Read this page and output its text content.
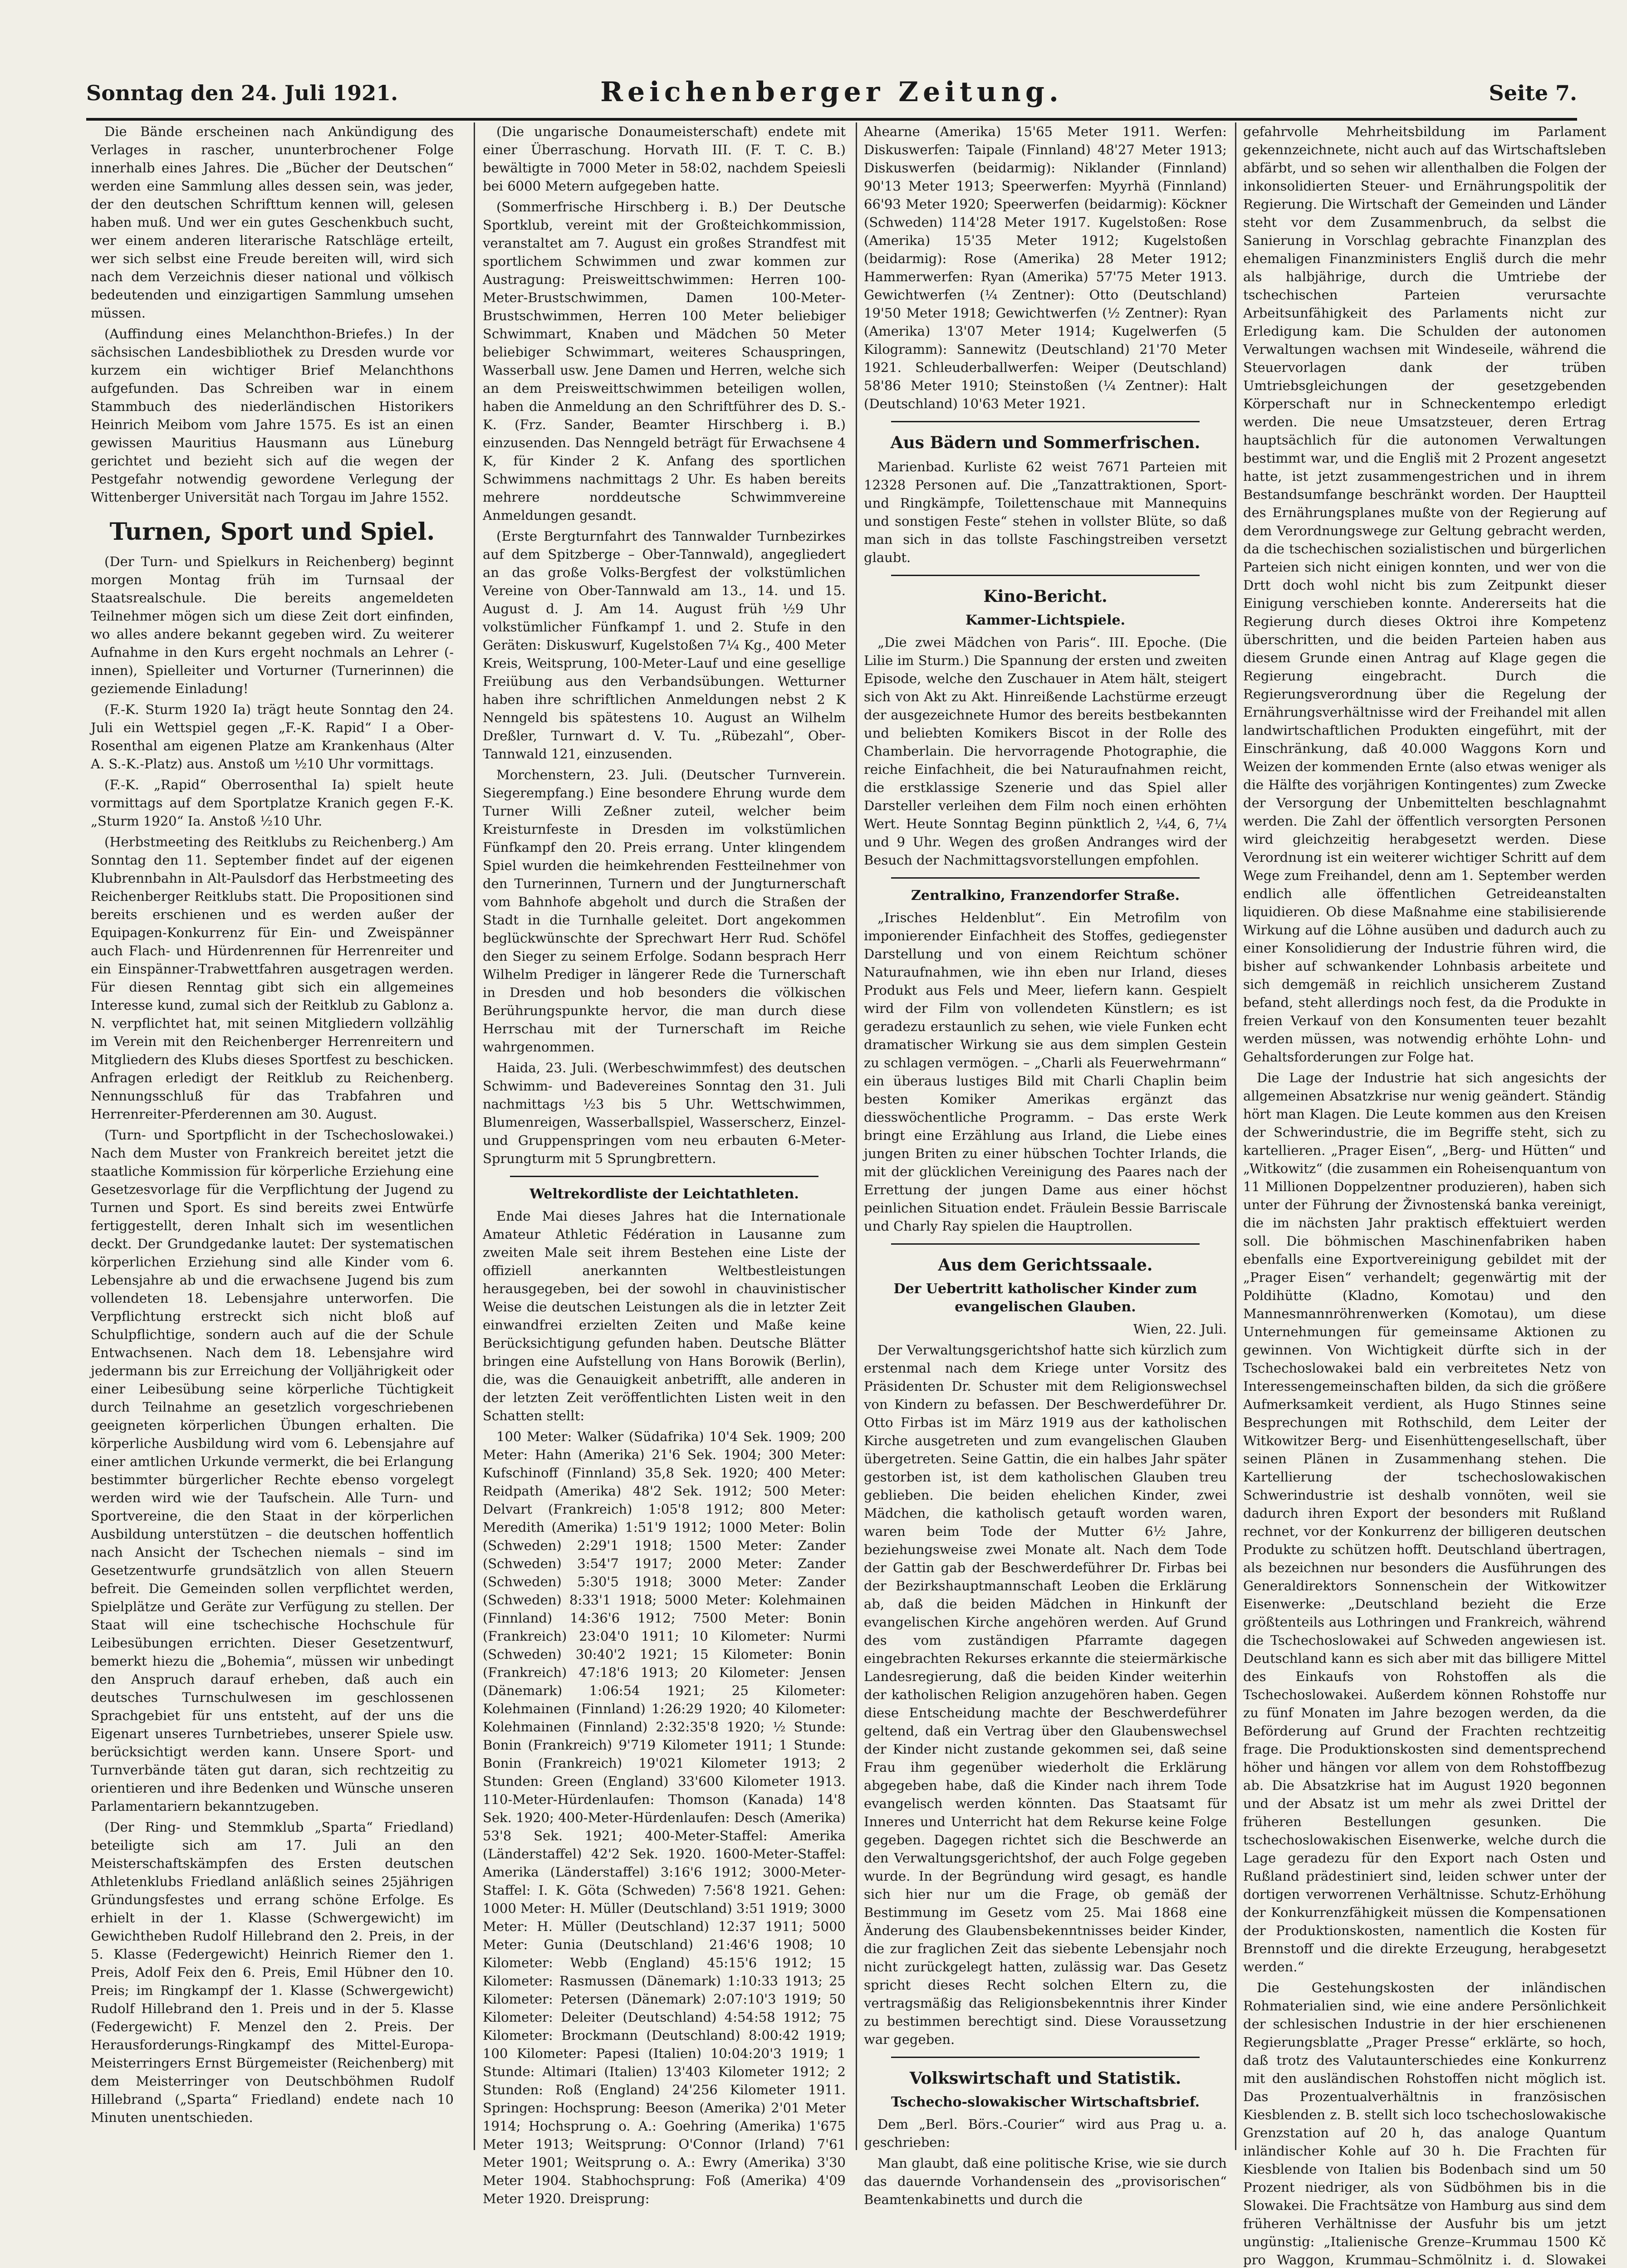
Sonntag den 24. Juli 1921.	Reichenberger Zeitung.	Seite 7.

Die Bände erscheinen nach Ankündigung des Verlages in rascher, ununterbrochener Folge innerhalb eines Jahres. Die „Bücher der Deutschen“ werden eine Sammlung alles dessen sein, was jeder, der den deutschen Schrifttum kennen will, gelesen haben muß. Und wer ein gutes Geschenkbuch sucht, wer einem anderen literarische Ratschläge erteilt, wer sich selbst eine Freude bereiten will, wird sich nach dem Verzeichnis dieser national und völkisch bedeutenden und einzigartigen Sammlung umsehen müssen.

(Auffindung eines Melanchthon-Briefes.) In der sächsischen Landesbibliothek zu Dresden wurde vor kurzem ein wichtiger Brief Melanchthons aufgefunden. Das Schreiben war in einem Stammbuch des niederländischen Historikers Heinrich Meibom vom Jahre 1575. Es ist an einen gewissen Mauritius Hausmann aus Lüneburg gerichtet und bezieht sich auf die wegen der Pestgefahr notwendig gewordene Verlegung der Wittenberger Universität nach Torgau im Jahre 1552.

Turnen, Sport und Spiel.

(Der Turn- und Spielkurs in Reichenberg) beginnt morgen Montag früh im Turnsaal der Staatsrealschule. Die bereits angemeldeten Teilnehmer mögen sich um diese Zeit dort einfinden, wo alles andere bekannt gegeben wird. Zu weiterer Aufnahme in den Kurs ergeht nochmals an Lehrer (-innen), Spielleiter und Vorturner (Turnerinnen) die geziemende Einladung!

(F.-K. Sturm 1920 Ia) trägt heute Sonntag den 24. Juli ein Wettspiel gegen „F.-K. Rapid“ I a Ober-Rosenthal am eigenen Platze am Krankenhaus (Alter A. S.-K.-Platz) aus. Anstoß um ½10 Uhr vormittags.

(F.-K. „Rapid“ Oberrosenthal Ia) spielt heute vormittags auf dem Sportplatze Kranich gegen F.-K. „Sturm 1920“ Ia. Anstoß ½10 Uhr.

(Herbstmeeting des Reitklubs zu Reichenberg.) Am Sonntag den 11. September findet auf der eigenen Klubrennbahn in Alt-Paulsdorf das Herbstmeeting des Reichenberger Reitklubs statt. Die Propositionen sind bereits erschienen und es werden außer der Equipagen-Konkurrenz für Ein- und Zweispänner auch Flach- und Hürdenrennen für Herrenreiter und ein Einspänner-Trabwettfahren ausgetragen werden. Für diesen Renntag gibt sich ein allgemeines Interesse kund, zumal sich der Reitklub zu Gablonz a. N. verpflichtet hat, mit seinen Mitgliedern vollzählig im Verein mit den Reichenberger Herrenreitern und Mitgliedern des Klubs dieses Sportfest zu beschicken. Anfragen erledigt der Reitklub zu Reichenberg. Nennungsschluß für das Trabfahren und Herrenreiter-Pferderennen am 30. August.

(Turn- und Sportpflicht in der Tschechoslowakei.) Nach dem Muster von Frankreich bereitet jetzt die staatliche Kommission für körperliche Erziehung eine Gesetzesvorlage für die Verpflichtung der Jugend zu Turnen und Sport. Es sind bereits zwei Entwürfe fertiggestellt, deren Inhalt sich im wesentlichen deckt. Der Grundgedanke lautet: Der systematischen körperlichen Erziehung sind alle Kinder vom 6. Lebensjahre ab und die erwachsene Jugend bis zum vollendeten 18. Lebensjahre unterworfen. Die Verpflichtung erstreckt sich nicht bloß auf Schulpflichtige, sondern auch auf die der Schule Entwachsenen. Nach dem 18. Lebensjahre wird jedermann bis zur Erreichung der Volljährigkeit oder einer Leibesübung seine körperliche Tüchtigkeit durch Teilnahme an gesetzlich vorgeschriebenen geeigneten körperlichen Übungen erhalten. Die körperliche Ausbildung wird vom 6. Lebensjahre auf einer amtlichen Urkunde vermerkt, die bei Erlangung bestimmter bürgerlicher Rechte ebenso vorgelegt werden wird wie der Taufschein. Alle Turn- und Sportvereine, die den Staat in der körperlichen Ausbildung unterstützen – die deutschen hoffentlich nach Ansicht der Tschechen niemals – sind im Gesetzentwurfe grundsätzlich von allen Steuern befreit. Die Gemeinden sollen verpflichtet werden, Spielplätze und Geräte zur Verfügung zu stellen. Der Staat will eine tschechische Hochschule für Leibesübungen errichten. Dieser Gesetzentwurf, bemerkt hiezu die „Bohemia“, müssen wir unbedingt den Anspruch darauf erheben, daß auch ein deutsches Turnschulwesen im geschlossenen Sprachgebiet für uns entsteht, auf der uns die Eigenart unseres Turnbetriebes, unserer Spiele usw. berücksichtigt werden kann. Unsere Sport- und Turnverbände täten gut daran, sich rechtzeitig zu orientieren und ihre Bedenken und Wünsche unseren Parlamentariern bekanntzugeben.

(Der Ring- und Stemmklub „Sparta“ Friedland) beteiligte sich am 17. Juli an den Meisterschaftskämpfen des Ersten deutschen Athletenklubs Friedland anläßlich seines 25jährigen Gründungsfestes und errang schöne Erfolge. Es erhielt in der 1. Klasse (Schwergewicht) im Gewichtheben Rudolf Hillebrand den 2. Preis, in der 5. Klasse (Federgewicht) Heinrich Riemer den 1. Preis, Adolf Feix den 6. Preis, Emil Hübner den 10. Preis; im Ringkampf der 1. Klasse (Schwergewicht) Rudolf Hillebrand den 1. Preis und in der 5. Klasse (Federgewicht) F. Menzel den 2. Preis. Der Herausforderungs-Ringkampf des Mittel-Europa-Meisterringers Ernst Bürgemeister (Reichenberg) mit dem Meisterringer von Deutschböhmen Rudolf Hillebrand („Sparta“ Friedland) endete nach 10 Minuten unentschieden.

(Die ungarische Donaumeisterschaft) endete mit einer Überraschung. Horvath III. (F. T. C. B.) bewältigte in 7000 Meter in 58:02, nachdem Speiesli bei 6000 Metern aufgegeben hatte.

(Sommerfrische Hirschberg i. B.) Der Deutsche Sportklub, vereint mit der Großteichkommission, veranstaltet am 7. August ein großes Strandfest mit sportlichem Schwimmen und zwar kommen zur Austragung: Preisweittschwimmen: Herren 100-Meter-Brustschwimmen, Damen 100-Meter-Brustschwimmen, Herren 100 Meter beliebiger Schwimmart, Knaben und Mädchen 50 Meter beliebiger Schwimmart, weiteres Schauspringen, Wasserball usw. Jene Damen und Herren, welche sich an dem Preisweittschwimmen beteiligen wollen, haben die Anmeldung an den Schriftführer des D. S.-K. (Frz. Sander, Beamter Hirschberg i. B.) einzusenden. Das Nenngeld beträgt für Erwachsene 4 K, für Kinder 2 K. Anfang des sportlichen Schwimmens nachmittags 2 Uhr. Es haben bereits mehrere norddeutsche Schwimmvereine Anmeldungen gesandt.

(Erste Bergturnfahrt des Tannwalder Turnbezirkes auf dem Spitzberge – Ober-Tannwald), angegliedert an das große Volks-Bergfest der volkstümlichen Vereine von Ober-Tannwald am 13., 14. und 15. August d. J. Am 14. August früh ½9 Uhr volkstümlicher Fünfkampf 1. und 2. Stufe in den Geräten: Diskuswurf, Kugelstoßen 7¼ Kg., 400 Meter Kreis, Weitsprung, 100-Meter-Lauf und eine gesellige Freiübung aus den Verbandsübungen. Wetturner haben ihre schriftlichen Anmeldungen nebst 2 K Nenngeld bis spätestens 10. August an Wilhelm Dreßler, Turnwart d. V. Tu. „Rübezahl“, Ober-Tannwald 121, einzusenden.

Morchenstern, 23. Juli. (Deutscher Turnverein. Siegerempfang.) Eine besondere Ehrung wurde dem Turner Willi Zeßner zuteil, welcher beim Kreisturnfeste in Dresden im volkstümlichen Fünfkampf den 20. Preis errang. Unter klingendem Spiel wurden die heimkehrenden Festteilnehmer von den Turnerinnen, Turnern und der Jungturnerschaft vom Bahnhofe abgeholt und durch die Straßen der Stadt in die Turnhalle geleitet. Dort angekommen beglückwünschte der Sprechwart Herr Rud. Schöfel den Sieger zu seinem Erfolge. Sodann besprach Herr Wilhelm Prediger in längerer Rede die Turnerschaft in Dresden und hob besonders die völkischen Berührungspunkte hervor, die man durch diese Herrschau mit der Turnerschaft im Reiche wahrgenommen.

Haida, 23. Juli. (Werbeschwimmfest) des deutschen Schwimm- und Badevereines Sonntag den 31. Juli nachmittags ½3 bis 5 Uhr. Wettschwimmen, Blumenreigen, Wasserballspiel, Wasserscherz, Einzel- und Gruppenspringen vom neu erbauten 6-Meter-Sprungturm mit 5 Sprungbrettern.

Weltrekordliste der Leichtathleten.

Ende Mai dieses Jahres hat die Internationale Amateur Athletic Fédération in Lausanne zum zweiten Male seit ihrem Bestehen eine Liste der offiziell anerkannten Weltbestleistungen herausgegeben, bei der sowohl in chauvinistischer Weise die deutschen Leistungen als die in letzter Zeit einwandfrei erzielten Zeiten und Maße keine Berücksichtigung gefunden haben. Deutsche Blätter bringen eine Aufstellung von Hans Borowik (Berlin), die, was die Genauigkeit anbetrifft, alle anderen in der letzten Zeit veröffentlichten Listen weit in den Schatten stellt:

100 Meter: Walker (Südafrika) 10'4 Sek. 1909; 200 Meter: Hahn (Amerika) 21'6 Sek. 1904; 300 Meter: Kufschinoff (Finnland) 35,8 Sek. 1920; 400 Meter: Reidpath (Amerika) 48'2 Sek. 1912; 500 Meter: Delvart (Frankreich) 1:05'8 1912; 800 Meter: Meredith (Amerika) 1:51'9 1912; 1000 Meter: Bolin (Schweden) 2:29'1 1918; 1500 Meter: Zander (Schweden) 3:54'7 1917; 2000 Meter: Zander (Schweden) 5:30'5 1918; 3000 Meter: Zander (Schweden) 8:33'1 1918; 5000 Meter: Kolehmainen (Finnland) 14:36'6 1912; 7500 Meter: Bonin (Frankreich) 23:04'0 1911; 10 Kilometer: Nurmi (Schweden) 30:40'2 1921; 15 Kilometer: Bonin (Frankreich) 47:18'6 1913; 20 Kilometer: Jensen (Dänemark) 1:06:54 1921; 25 Kilometer: Kolehmainen (Finnland) 1:26:29 1920; 40 Kilometer: Kolehmainen (Finnland) 2:32:35'8 1920; ½ Stunde: Bonin (Frankreich) 9'719 Kilometer 1911; 1 Stunde: Bonin (Frankreich) 19'021 Kilometer 1913; 2 Stunden: Green (England) 33'600 Kilometer 1913. 110-Meter-Hürdenlaufen: Thomson (Kanada) 14'8 Sek. 1920; 400-Meter-Hürdenlaufen: Desch (Amerika) 53'8 Sek. 1921; 400-Meter-Staffel: Amerika (Länderstaffel) 42'2 Sek. 1920. 1600-Meter-Staffel: Amerika (Länderstaffel) 3:16'6 1912; 3000-Meter-Staffel: I. K. Göta (Schweden) 7:56'8 1921. Gehen: 1000 Meter: H. Müller (Deutschland) 3:51 1919; 3000 Meter: H. Müller (Deutschland) 12:37 1911; 5000 Meter: Gunia (Deutschland) 21:46'6 1908; 10 Kilometer: Webb (England) 45:15'6 1912; 15 Kilometer: Rasmussen (Dänemark) 1:10:33 1913; 25 Kilometer: Petersen (Dänemark) 2:07:10'3 1919; 50 Kilometer: Deleiter (Deutschland) 4:54:58 1912; 75 Kilometer: Brockmann (Deutschland) 8:00:42 1919; 100 Kilometer: Papesi (Italien) 10:04:20'3 1919; 1 Stunde: Altimari (Italien) 13'403 Kilometer 1912; 2 Stunden: Roß (England) 24'256 Kilometer 1911. Springen: Hochsprung: Beeson (Amerika) 2'01 Meter 1914; Hochsprung o. A.: Goehring (Amerika) 1'675 Meter 1913; Weitsprung: O'Connor (Irland) 7'61 Meter 1901; Weitsprung o. A.: Ewry (Amerika) 3'30 Meter 1904. Stabhochsprung: Foß (Amerika) 4'09 Meter 1920. Dreisprung:

Ahearne (Amerika) 15'65 Meter 1911. Werfen: Diskuswerfen: Taipale (Finnland) 48'27 Meter 1913; Diskuswerfen (beidarmig): Niklander (Finnland) 90'13 Meter 1913; Speerwerfen: Myyrhä (Finnland) 66'93 Meter 1920; Speerwerfen (beidarmig): Köckner (Schweden) 114'28 Meter 1917. Kugelstoßen: Rose (Amerika) 15'35 Meter 1912; Kugelstoßen (beidarmig): Rose (Amerika) 28 Meter 1912; Hammerwerfen: Ryan (Amerika) 57'75 Meter 1913. Gewichtwerfen (¼ Zentner): Otto (Deutschland) 19'50 Meter 1918; Gewichtwerfen (½ Zentner): Ryan (Amerika) 13'07 Meter 1914; Kugelwerfen (5 Kilogramm): Sannewitz (Deutschland) 21'70 Meter 1921. Schleuderballwerfen: Weiper (Deutschland) 58'86 Meter 1910; Steinstoßen (¼ Zentner): Halt (Deutschland) 10'63 Meter 1921.

Aus Bädern und Sommerfrischen.

Marienbad. Kurliste 62 weist 7671 Parteien mit 12328 Personen auf. Die „Tanzattraktionen, Sport- und Ringkämpfe, Toilettenschaue mit Mannequins und sonstigen Feste“ stehen in vollster Blüte, so daß man sich in das tollste Faschingstreiben versetzt glaubt.

Kino-Bericht.
Kammer-Lichtspiele.

„Die zwei Mädchen von Paris“. III. Epoche. (Die Lilie im Sturm.) Die Spannung der ersten und zweiten Episode, welche den Zuschauer in Atem hält, steigert sich von Akt zu Akt. Hinreißende Lachstürme erzeugt der ausgezeichnete Humor des bereits bestbekannten und beliebten Komikers Biscot in der Rolle des Chamberlain. Die hervorragende Photographie, die reiche Einfachheit, die bei Naturaufnahmen reicht, die erstklassige Szenerie und das Spiel aller Darsteller verleihen dem Film noch einen erhöhten Wert. Heute Sonntag Beginn pünktlich 2, ¼4, 6, 7¼ und 9 Uhr. Wegen des großen Andranges wird der Besuch der Nachmittagsvorstellungen empfohlen.

Zentralkino, Franzendorfer Straße.

„Irisches Heldenblut“. Ein Metrofilm von imponierender Einfachheit des Stoffes, gediegenster Darstellung und von einem Reichtum schöner Naturaufnahmen, wie ihn eben nur Irland, dieses Produkt aus Fels und Meer, liefern kann. Gespielt wird der Film von vollendeten Künstlern; es ist geradezu erstaunlich zu sehen, wie viele Funken echt dramatischer Wirkung sie aus dem simplen Gestein zu schlagen vermögen. – „Charli als Feuerwehrmann“ ein überaus lustiges Bild mit Charli Chaplin beim besten Komiker Amerikas ergänzt das diesswöchentliche Programm. – Das erste Werk bringt eine Erzählung aus Irland, die Liebe eines jungen Briten zu einer hübschen Tochter Irlands, die mit der glücklichen Vereinigung des Paares nach der Errettung der jungen Dame aus einer höchst peinlichen Situation endet. Fräulein Bessie Barriscale und Charly Ray spielen die Hauptrollen.

Aus dem Gerichtssaale.
Der Uebertritt katholischer Kinder zum evangelischen Glauben.

Wien, 22. Juli.

Der Verwaltungsgerichtshof hatte sich kürzlich zum erstenmal nach dem Kriege unter Vorsitz des Präsidenten Dr. Schuster mit dem Religionswechsel von Kindern zu befassen. Der Beschwerdeführer Dr. Otto Firbas ist im März 1919 aus der katholischen Kirche ausgetreten und zum evangelischen Glauben übergetreten. Seine Gattin, die ein halbes Jahr später gestorben ist, ist dem katholischen Glauben treu geblieben. Die beiden ehelichen Kinder, zwei Mädchen, die katholisch getauft worden waren, waren beim Tode der Mutter 6½ Jahre, beziehungsweise zwei Monate alt. Nach dem Tode der Gattin gab der Beschwerdeführer Dr. Firbas bei der Bezirkshauptmannschaft Leoben die Erklärung ab, daß die beiden Mädchen in Hinkunft der evangelischen Kirche angehören werden. Auf Grund des vom zuständigen Pfarramte dagegen eingebrachten Rekurses erkannte die steiermärkische Landesregierung, daß die beiden Kinder weiterhin der katholischen Religion anzugehören haben. Gegen diese Entscheidung machte der Beschwerdeführer geltend, daß ein Vertrag über den Glaubenswechsel der Kinder nicht zustande gekommen sei, daß seine Frau ihm gegenüber wiederholt die Erklärung abgegeben habe, daß die Kinder nach ihrem Tode evangelisch werden könnten. Das Staatsamt für Inneres und Unterricht hat dem Rekurse keine Folge gegeben. Dagegen richtet sich die Beschwerde an den Verwaltungsgerichtshof, der auch Folge gegeben wurde. In der Begründung wird gesagt, es handle sich hier nur um die Frage, ob gemäß der Bestimmung im Gesetz vom 25. Mai 1868 eine Änderung des Glaubensbekenntnisses beider Kinder, die zur fraglichen Zeit das siebente Lebensjahr noch nicht zurückgelegt hatten, zulässig war. Das Gesetz spricht dieses Recht solchen Eltern zu, die vertragsmäßig das Religionsbekenntnis ihrer Kinder zu bestimmen berechtigt sind. Diese Voraussetzung war gegeben.

Volkswirtschaft und Statistik.
Tschecho-slowakischer Wirtschaftsbrief.

Dem „Berl. Börs.-Courier“ wird aus Prag u. a. geschrieben:

Man glaubt, daß eine politische Krise, wie sie durch das dauernde Vorhandensein des „provisorischen“ Beamtenkabinetts und durch die

gefahrvolle Mehrheitsbildung im Parlament gekennzeichnete, nicht auch auf das Wirtschaftsleben abfärbt, und so sehen wir allenthalben die Folgen der inkonsolidierten Steuer- und Ernährungspolitik der Regierung. Die Wirtschaft der Gemeinden und Länder steht vor dem Zusammenbruch, da selbst die Sanierung in Vorschlag gebrachte Finanzplan des ehemaligen Finanzministers Engliš durch die mehr als halbjährige, durch die Umtriebe der tschechischen Parteien verursachte Arbeitsunfähigkeit des Parlaments nicht zur Erledigung kam. Die Schulden der autonomen Verwaltungen wachsen mit Windeseile, während die Steuervorlagen dank der trüben Umtriebsgleichungen der gesetzgebenden Körperschaft nur in Schneckentempo erledigt werden. Die neue Umsatzsteuer, deren Ertrag hauptsächlich für die autonomen Verwaltungen bestimmt war, und die Engliš mit 2 Prozent angesetzt hatte, ist jetzt zusammengestrichen und in ihrem Bestandsumfange beschränkt worden. Der Hauptteil des Ernährungsplanes mußte von der Regierung auf dem Verordnungswege zur Geltung gebracht werden, da die tschechischen sozialistischen und bürgerlichen Parteien sich nicht einigen konnten, und wer von die Drtt doch wohl nicht bis zum Zeitpunkt dieser Einigung verschieben konnte. Andererseits hat die Regierung durch dieses Oktroi ihre Kompetenz überschritten, und die beiden Parteien haben aus diesem Grunde einen Antrag auf Klage gegen die Regierung eingebracht. Durch die Regierungsverordnung über die Regelung der Ernährungsverhältnisse wird der Freihandel mit allen landwirtschaftlichen Produkten eingeführt, mit der Einschränkung, daß 40.000 Waggons Korn und Weizen der kommenden Ernte (also etwas weniger als die Hälfte des vorjährigen Kontingentes) zum Zwecke der Versorgung der Unbemittelten beschlagnahmt werden. Die Zahl der öffentlich versorgten Personen wird gleichzeitig herabgesetzt werden. Diese Verordnung ist ein weiterer wichtiger Schritt auf dem Wege zum Freihandel, denn am 1. September werden endlich alle öffentlichen Getreideanstalten liquidieren. Ob diese Maßnahme eine stabilisierende Wirkung auf die Löhne ausüben und dadurch auch zu einer Konsolidierung der Industrie führen wird, die bisher auf schwankender Lohnbasis arbeitete und sich demgemäß in reichlich unsicherem Zustand befand, steht allerdings noch fest, da die Produkte in freien Verkauf von den Konsumenten teuer bezahlt werden müssen, was notwendig erhöhte Lohn- und Gehaltsforderungen zur Folge hat.

Die Lage der Industrie hat sich angesichts der allgemeinen Absatzkrise nur wenig geändert. Ständig hört man Klagen. Die Leute kommen aus den Kreisen der Schwerindustrie, die im Begriffe steht, sich zu kartellieren. „Prager Eisen“, „Berg- und Hütten“ und „Witkowitz“ (die zusammen ein Roheisenquantum von 11 Millionen Doppelzentner produzieren), haben sich unter der Führung der Živnostenská banka vereinigt, die im nächsten Jahr praktisch effektuiert werden soll. Die böhmischen Maschinenfabriken haben ebenfalls eine Exportvereinigung gebildet mit der „Prager Eisen“ verhandelt; gegenwärtig mit der Poldihütte (Kladno, Komotau) und den Mannesmannröhrenwerken (Komotau), um diese Unternehmungen für gemeinsame Aktionen zu gewinnen. Von Wichtigkeit dürfte sich in der Tschechoslowakei bald ein verbreitetes Netz von Interessengemeinschaften bilden, da sich die größere Aufmerksamkeit verdient, als Hugo Stinnes seine Besprechungen mit Rothschild, dem Leiter der Witkowitzer Berg- und Eisenhüttengesellschaft, über seinen Plänen in Zusammenhang stehen. Die Kartellierung der tschechoslowakischen Schwerindustrie ist deshalb vonnöten, weil sie dadurch ihren Export der besonders mit Rußland rechnet, vor der Konkurrenz der billigeren deutschen Produkte zu schützen hofft. Deutschland übertragen, als bezeichnen nur besonders die Ausführungen des Generaldirektors Sonnenschein der Witkowitzer Eisenwerke: „Deutschland bezieht die Erze größtenteils aus Lothringen und Frankreich, während die Tschechoslowakei auf Schweden angewiesen ist. Deutschland kann es sich aber mit das billigere Mittel des Einkaufs von Rohstoffen als die Tschechoslowakei. Außerdem können Rohstoffe nur zu fünf Monaten im Jahre bezogen werden, da die Beförderung auf Grund der Frachten rechtzeitig frage. Die Produktionskosten sind dementsprechend höher und hängen vor allem von dem Rohstoffbezug ab. Die Absatzkrise hat im August 1920 begonnen und der Absatz ist um mehr als zwei Drittel der früheren Bestellungen gesunken. Die tschechoslowakischen Eisenwerke, welche durch die Lage geradezu für den Export nach Osten und Rußland prädestiniert sind, leiden schwer unter der dortigen verworrenen Verhältnisse. Schutz-Erhöhung der Konkurrenzfähigkeit müssen die Kompensationen der Produktionskosten, namentlich die Kosten für Brennstoff und die direkte Erzeugung, herabgesetzt werden.“

Die Gestehungskosten der inländischen Rohmaterialien sind, wie eine andere Persönlichkeit der schlesischen Industrie in der hier erschienenen Regierungsblatte „Prager Presse“ erklärte, so hoch, daß trotz des Valutaunterschiedes eine Konkurrenz mit den ausländischen Rohstoffen nicht möglich ist. Das Prozentualverhältnis in französischen Kiesblenden z. B. stellt sich loco tschechoslowakische Grenzstation auf 20 h, das analoge Quantum inländischer Kohle auf 30 h. Die Frachten für Kiesblende von Italien bis Bodenbach sind um 50 Prozent niedriger, als von Südböhmen bis in die Slowakei. Die Frachtsätze von Hamburg aus sind dem früheren Verhältnisse der Ausfuhr bis um jetzt ungünstig: „Italienische Grenze–Krummau 1500 Kč pro Waggon, Krummau–Schmölnitz i. d. Slowakei
